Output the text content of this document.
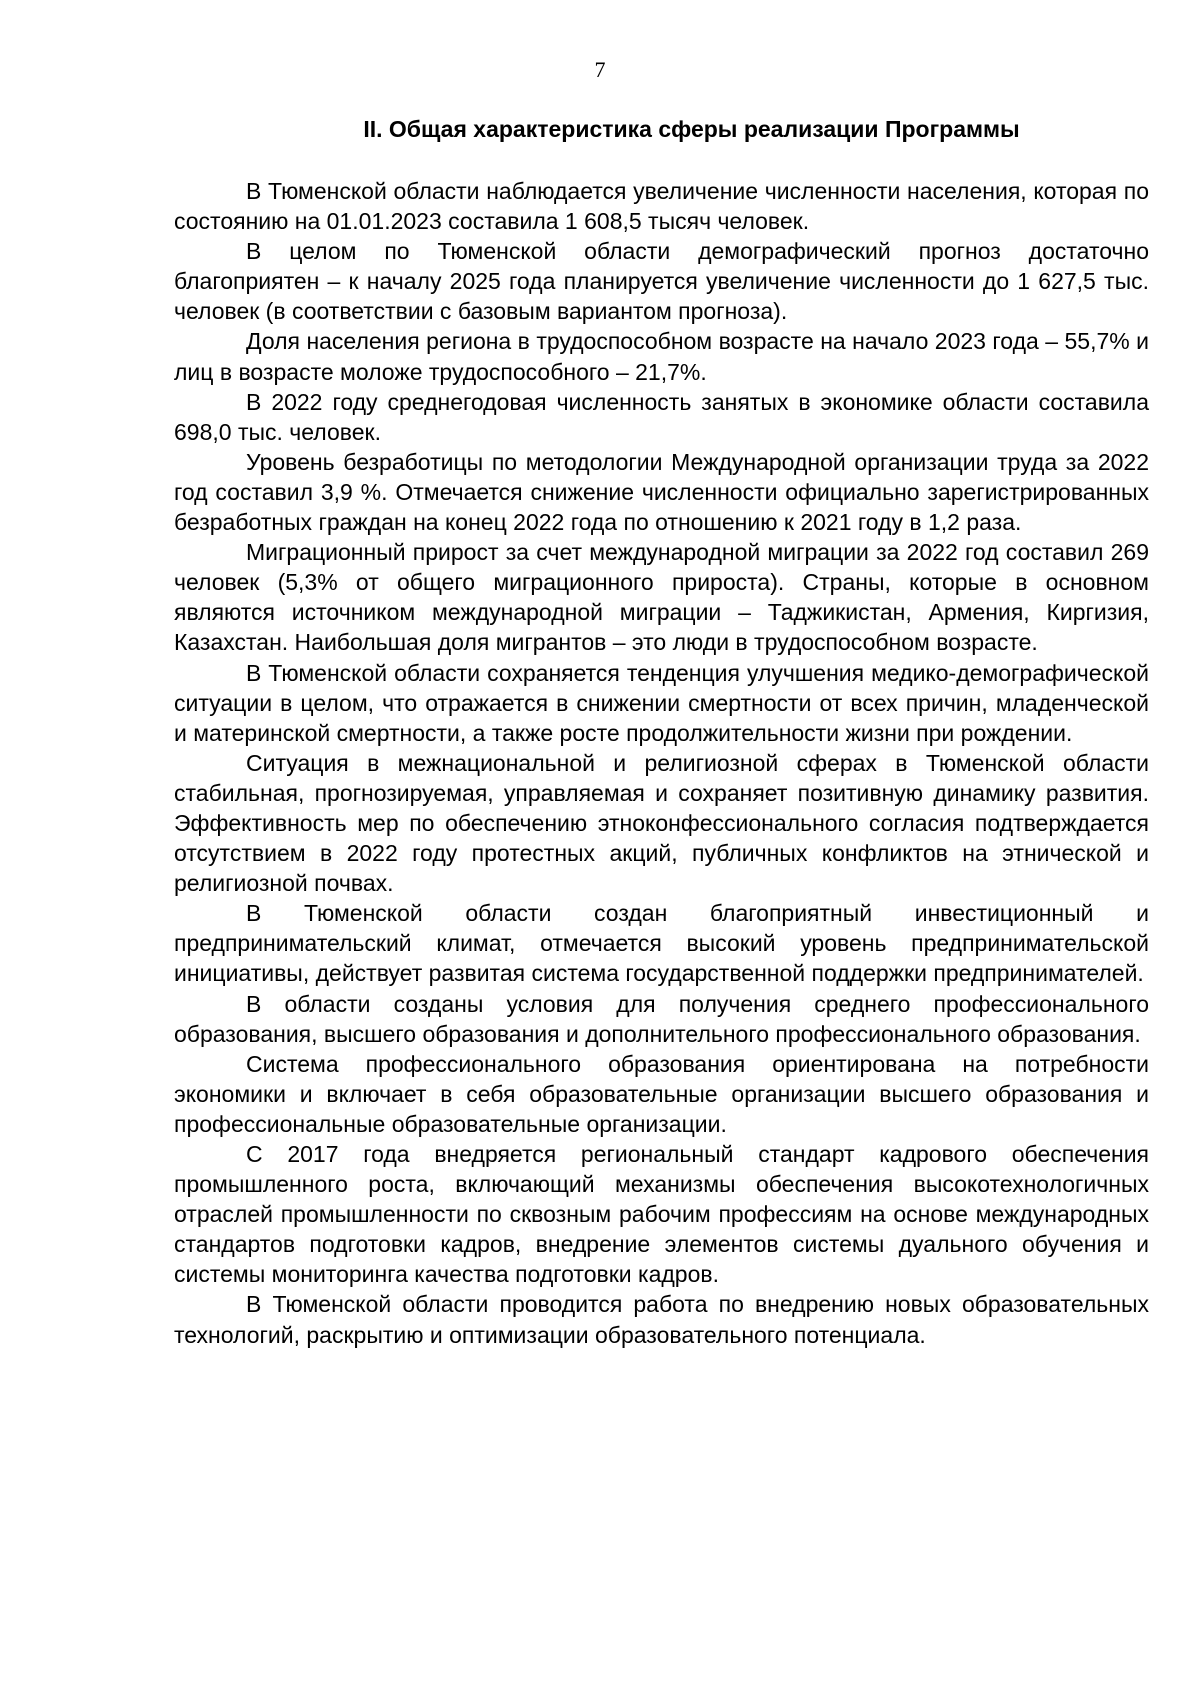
7
II. Общая характеристика сферы реализации Программы

В Тюменской области наблюдается увеличение численности населения, которая по состоянию на 01.01.2023 составила 1 608,5 тысяч человек.

В целом по Тюменской области демографический прогноз достаточно благоприятен – к началу 2025 года планируется увеличение численности до 1 627,5 тыс. человек (в соответствии с базовым вариантом прогноза).

Доля населения региона в трудоспособном возрасте на начало 2023 года – 55,7% и лиц в возрасте моложе трудоспособного – 21,7%.

В 2022 году среднегодовая численность занятых в экономике области составила 698,0 тыс. человек.

Уровень безработицы по методологии Международной организации труда за 2022 год составил 3,9 %. Отмечается снижение численности официально зарегистрированных безработных граждан на конец 2022 года по отношению к 2021 году в 1,2 раза.

Миграционный прирост за счет международной миграции за 2022 год составил 269 человек (5,3% от общего миграционного прироста). Страны, которые в основном являются источником международной миграции – Таджикистан, Армения, Киргизия, Казахстан. Наибольшая доля мигрантов – это люди в трудоспособном возрасте.

В Тюменской области сохраняется тенденция улучшения медико-демографической ситуации в целом, что отражается в снижении смертности от всех причин, младенческой и материнской смертности, а также росте продолжительности жизни при рождении.

Ситуация в межнациональной и религиозной сферах в Тюменской области стабильная, прогнозируемая, управляемая и сохраняет позитивную динамику развития. Эффективность мер по обеспечению этноконфессионального согласия подтверждается отсутствием в 2022 году протестных акций, публичных конфликтов на этнической и религиозной почвах.

В Тюменской области создан благоприятный инвестиционный и предпринимательский климат, отмечается высокий уровень предпринимательской инициативы, действует развитая система государственной поддержки предпринимателей.

В области созданы условия для получения среднего профессионального образования, высшего образования и дополнительного профессионального образования.

Система профессионального образования ориентирована на потребности экономики и включает в себя образовательные организации высшего образования и профессиональные образовательные организации.

С 2017 года внедряется региональный стандарт кадрового обеспечения промышленного роста, включающий механизмы обеспечения высокотехнологичных отраслей промышленности по сквозным рабочим профессиям на основе международных стандартов подготовки кадров, внедрение элементов системы дуального обучения и системы мониторинга качества подготовки кадров.

В Тюменской области проводится работа по внедрению новых образовательных технологий, раскрытию и оптимизации образовательного потенциала.
